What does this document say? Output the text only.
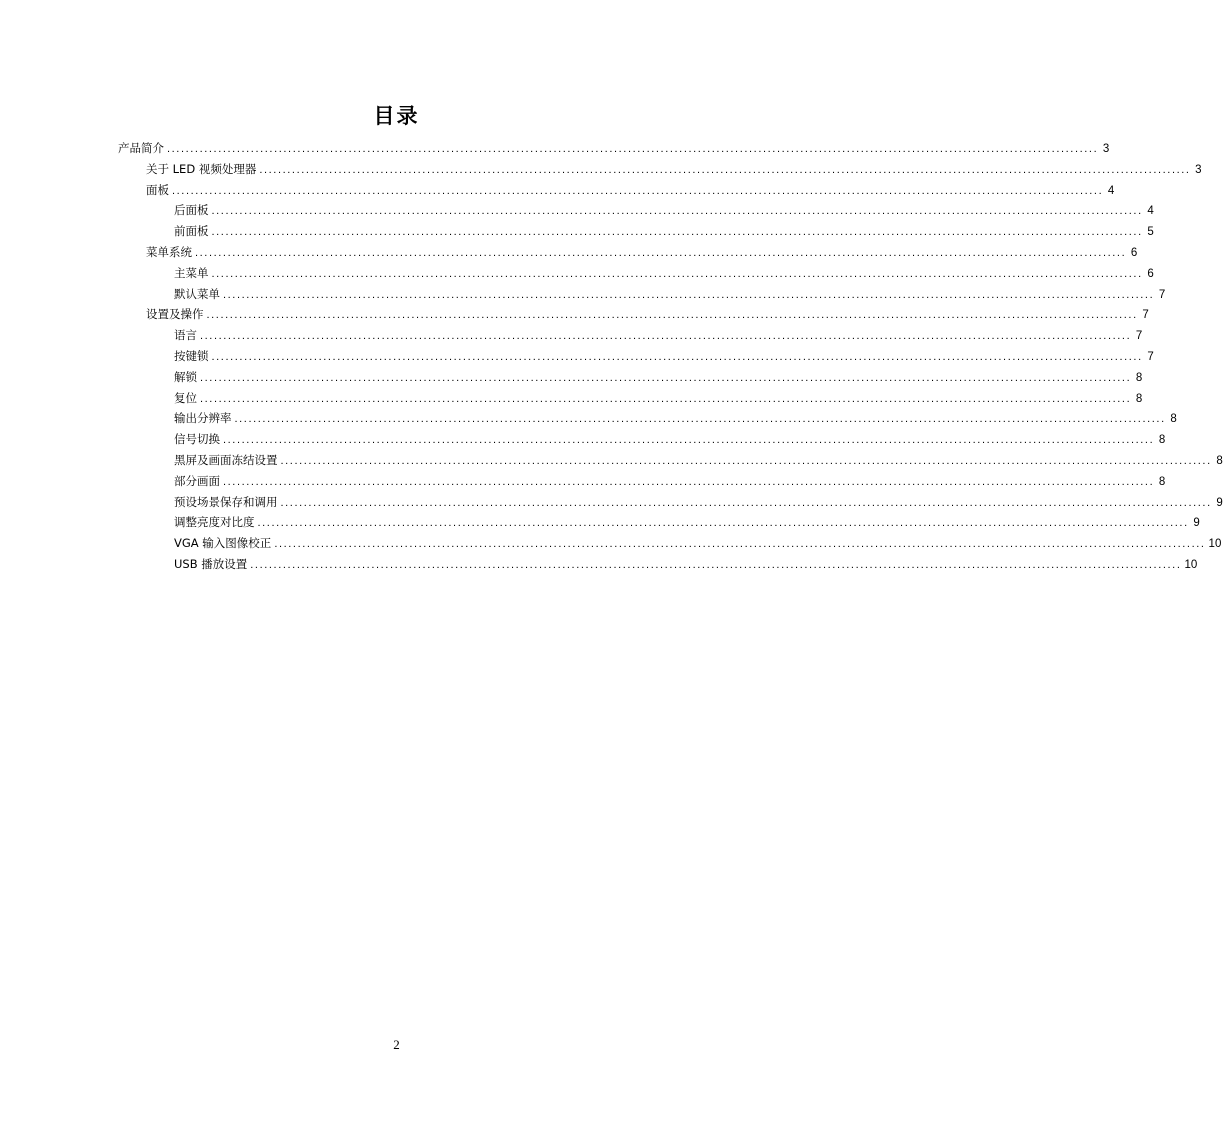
目录
产品简介 ........................................................................................................................................................................................................ 3
关于 LED 视频处理器 ........................................................................................................................................................................................................ 3
面板 ........................................................................................................................................................................................................ 4
后面板 ........................................................................................................................................................................................................ 4
前面板 ........................................................................................................................................................................................................ 5
菜单系统 ........................................................................................................................................................................................................ 6
主菜单 ........................................................................................................................................................................................................ 6
默认菜单 ........................................................................................................................................................................................................ 7
设置及操作 ........................................................................................................................................................................................................ 7
语言 ........................................................................................................................................................................................................ 7
按键锁 ........................................................................................................................................................................................................ 7
解锁 ........................................................................................................................................................................................................ 8
复位 ........................................................................................................................................................................................................ 8
输出分辨率 ........................................................................................................................................................................................................ 8
信号切换 ........................................................................................................................................................................................................ 8
黑屏及画面冻结设置 ........................................................................................................................................................................................................ 8
部分画面 ........................................................................................................................................................................................................ 8
预设场景保存和调用 ........................................................................................................................................................................................................ 9
调整亮度对比度 ........................................................................................................................................................................................................ 9
VGA 输入图像校正 ........................................................................................................................................................................................................ 10
USB 播放设置 ........................................................................................................................................................................................................ 10
2
